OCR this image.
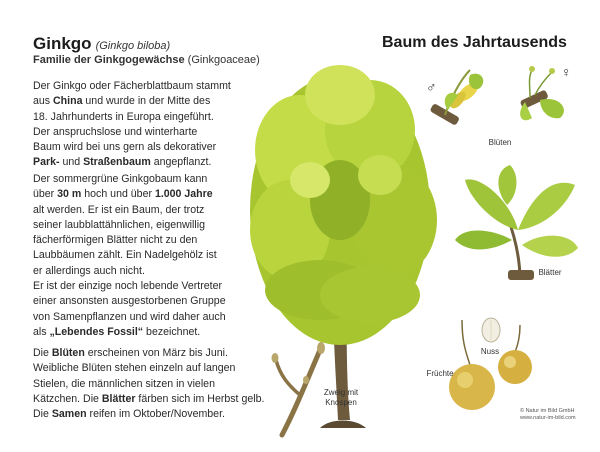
Ginkgo (Ginkgo biloba)
Familie der Ginkgogewächse (Ginkgoaceae)
Baum des Jahrtausends
Der Ginkgo oder Fächerblattbaum stammt
aus China und wurde in der Mitte des
18. Jahrhunderts in Europa eingeführt.
Der anspruchslose und winterharte
Baum wird bei uns gern als dekorativer
Park- und Straßenbaum angepflanzt.
Der sommergrüne Ginkgobaum kann
über 30 m hoch und über 1.000 Jahre
alt werden. Er ist ein Baum, der trotz
seiner laubblattähnlichen, eigenwillig
fächerförmigen Blätter nicht zu den
Laubbäumen zählt. Ein Nadelgehölz ist
er allerdings auch nicht.
Er ist der einzige noch lebende Vertreter
einer ansonsten ausgestorbenen Gruppe
von Samenpflanzen und wird daher auch
als „Lebendes Fossil“ bezeichnet.
Die Blüten erscheinen von März bis Juni.
Weibliche Blüten stehen einzeln auf langen
Stielen, die männlichen sitzen in vielen
Kätzchen. Die Blätter färben sich im Herbst gelb.
Die Samen reifen im Oktober/November.
♂
♀
Blüten
Blätter
Nuss
Früchte
Zweig mit
Knospen
© Natur im Bild GmbH
www.natur-im-bild.com
